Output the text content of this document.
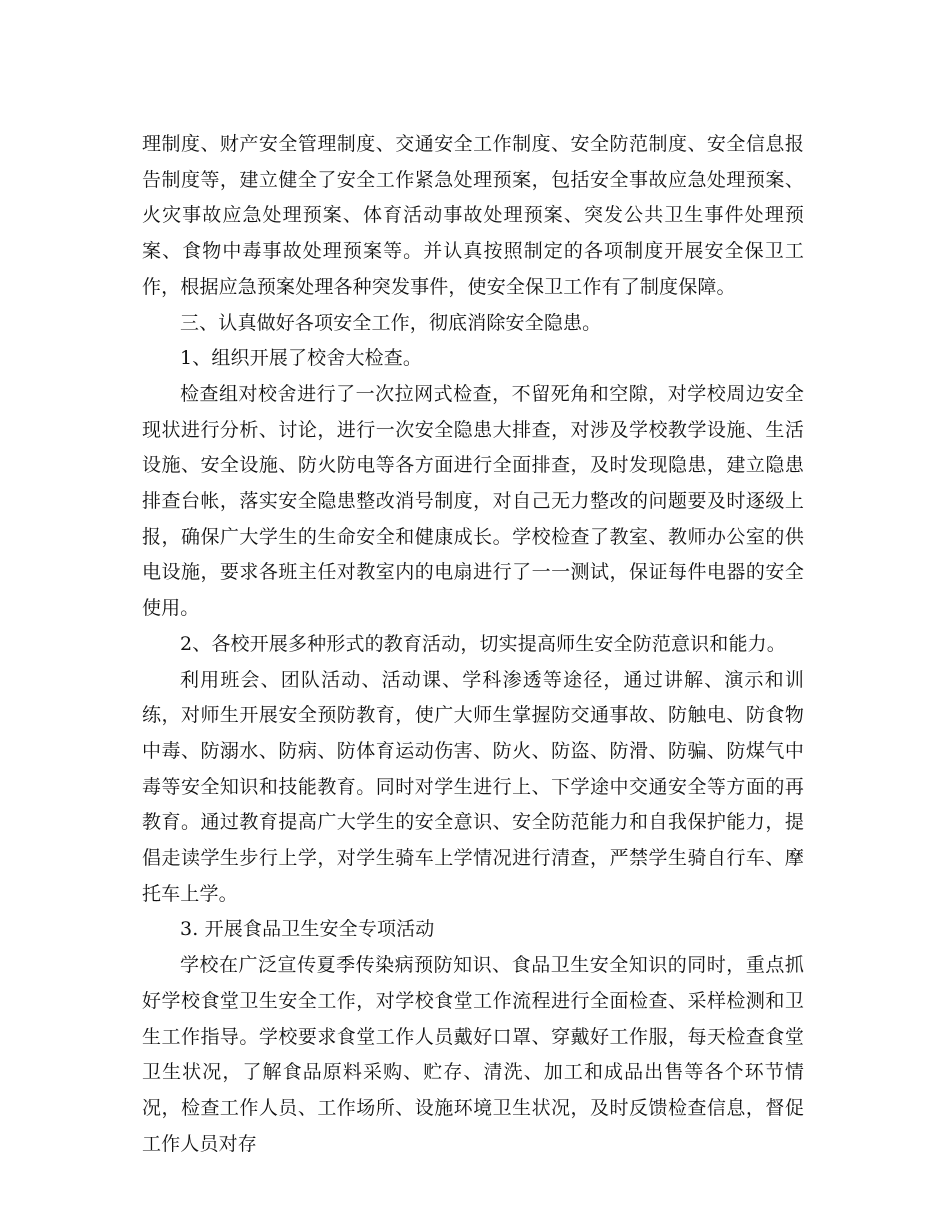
理制度、财产安全管理制度、交通安全工作制度、安全防范制度、安全信息报告制度等，建立健全了安全工作紧急处理预案，包括安全事故应急处理预案、火灾事故应急处理预案、体育活动事故处理预案、突发公共卫生事件处理预案、食物中毒事故处理预案等。并认真按照制定的各项制度开展安全保卫工作，根据应急预案处理各种突发事件，使安全保卫工作有了制度保障。

三、认真做好各项安全工作，彻底消除安全隐患。

1、组织开展了校舍大检查。

检查组对校舍进行了一次拉网式检查，不留死角和空隙，对学校周边安全现状进行分析、讨论，进行一次安全隐患大排查，对涉及学校教学设施、生活设施、安全设施、防火防电等各方面进行全面排查，及时发现隐患，建立隐患排查台帐，落实安全隐患整改消号制度，对自己无力整改的问题要及时逐级上报，确保广大学生的生命安全和健康成长。学校检查了教室、教师办公室的供电设施，要求各班主任对教室内的电扇进行了一一测试，保证每件电器的安全使用。

2、各校开展多种形式的教育活动，切实提高师生安全防范意识和能力。

利用班会、团队活动、活动课、学科渗透等途径，通过讲解、演示和训练，对师生开展安全预防教育，使广大师生掌握防交通事故、防触电、防食物中毒、防溺水、防病、防体育运动伤害、防火、防盗、防滑、防骗、防煤气中毒等安全知识和技能教育。同时对学生进行上、下学途中交通安全等方面的再教育。通过教育提高广大学生的安全意识、安全防范能力和自我保护能力，提倡走读学生步行上学，对学生骑车上学情况进行清查，严禁学生骑自行车、摩托车上学。

3. 开展食品卫生安全专项活动

学校在广泛宣传夏季传染病预防知识、食品卫生安全知识的同时，重点抓好学校食堂卫生安全工作，对学校食堂工作流程进行全面检查、采样检测和卫生工作指导。学校要求食堂工作人员戴好口罩、穿戴好工作服，每天检查食堂卫生状况，了解食品原料采购、贮存、清洗、加工和成品出售等各个环节情况，检查工作人员、工作场所、设施环境卫生状况，及时反馈检查信息，督促工作人员对存
